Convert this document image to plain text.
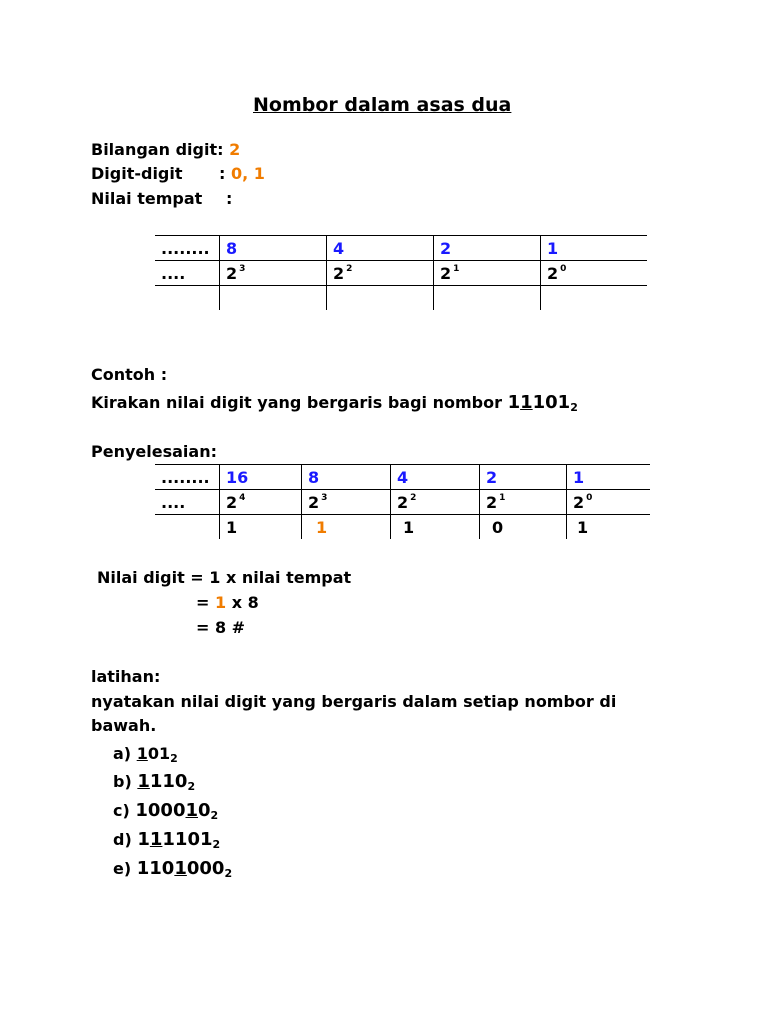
Nombor dalam asas dua
Bilangan digit: 2
Digit-digit : 0, 1
Nilai tempat :
........	8	4	2	1
....	2 $^3$	2 $^2$	2 $^1$	2 $^0$

Contoh :
Kirakan nilai digit yang bergaris bagi nombor $11101_2$
Penyelesaian:
........	16	8	4	2	1
....	2 $^4$	2 $^3$	2 $^2$	2 $^1$	2 $^0$
	1	1	1	0	1
Nilai digit = 1 x nilai tempat
= 1 x 8
= 8 #
latihan:
nyatakan nilai digit yang bergaris dalam setiap nombor di
bawah.
a) $101_2$
b) $1110_2$
c) $100010_2$
d) $111101_2$
e) $1101000_2$
